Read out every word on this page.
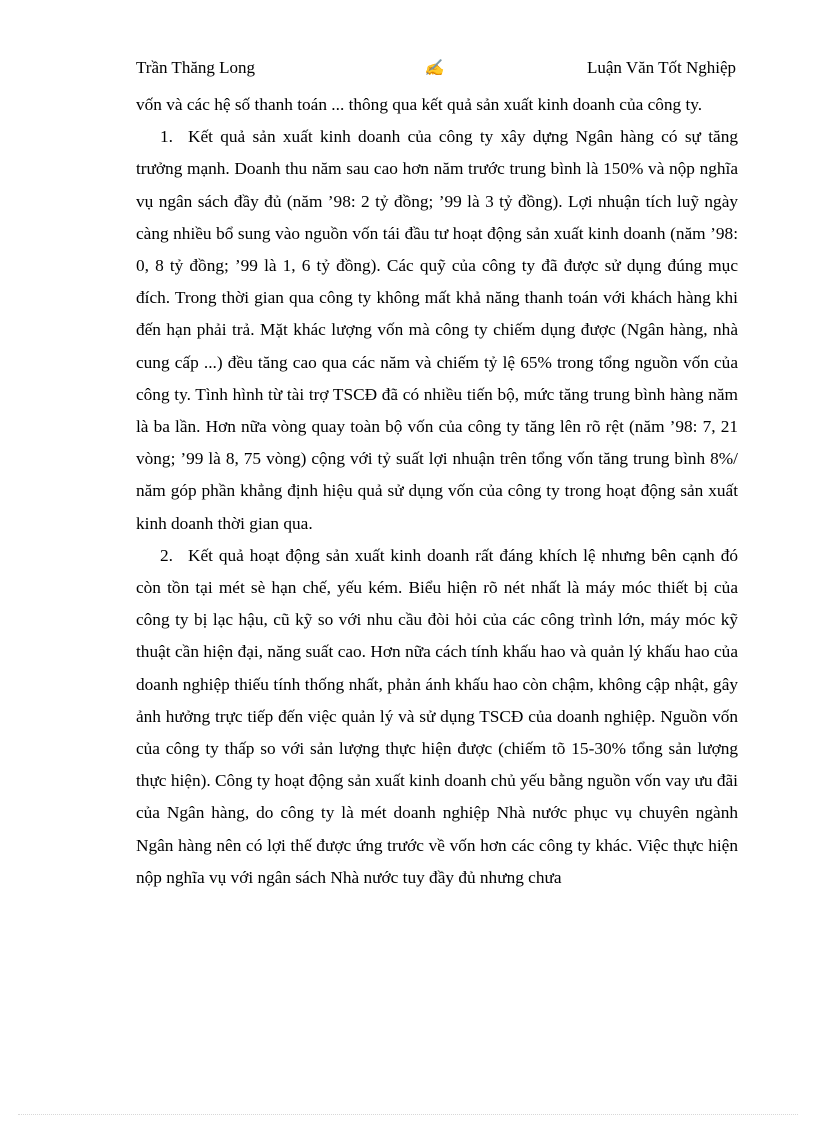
Trần Thăng Long	✍	Luận Văn Tốt Nghiệp

vốn và các hệ số thanh toán ... thông qua kết quả sản xuất kinh doanh của công ty.

1. Kết quả sản xuất kinh doanh của công ty xây dựng Ngân hàng có sự tăng trưởng mạnh. Doanh thu năm sau cao hơn năm trước trung bình là 150% và nộp nghĩa vụ ngân sách đầy đủ (năm ’98: 2 tỷ đồng; ’99 là 3 tỷ đồng). Lợi nhuận tích luỹ ngày càng nhiều bổ sung vào nguồn vốn tái đầu tư hoạt động sản xuất kinh doanh (năm ’98: 0, 8 tỷ đồng; ’99 là 1, 6 tỷ đồng). Các quỹ của công ty đã được sử dụng đúng mục đích. Trong thời gian qua công ty không mất khả năng thanh toán với khách hàng khi đến hạn phải trả. Mặt khác lượng vốn mà công ty chiếm dụng được (Ngân hàng, nhà cung cấp ...) đều tăng cao qua các năm và chiếm tỷ lệ 65% trong tổng nguồn vốn của công ty. Tình hình từ tài trợ TSCĐ đã có nhiều tiến bộ, mức tăng trung bình hàng năm là ba lần. Hơn nữa vòng quay toàn bộ vốn của công ty tăng lên rõ rệt (năm ’98: 7, 21 vòng; ’99 là 8, 75 vòng) cộng với tỷ suất lợi nhuận trên tổng vốn tăng trung bình 8%/ năm góp phần khẳng định hiệu quả sử dụng vốn của công ty trong hoạt động sản xuất kinh doanh thời gian qua.

2. Kết quả hoạt động sản xuất kinh doanh rất đáng khích lệ nhưng bên cạnh đó còn tồn tại mét sè hạn chế, yếu kém. Biểu hiện rõ nét nhất là máy móc thiết bị của công ty bị lạc hậu, cũ kỹ so với nhu cầu đòi hỏi của các công trình lớn, máy móc kỹ thuật cần hiện đại, năng suất cao. Hơn nữa cách tính khấu hao và quản lý khấu hao của doanh nghiệp thiếu tính thống nhất, phản ánh khấu hao còn chậm, không cập nhật, gây ảnh hưởng trực tiếp đến việc quản lý và sử dụng TSCĐ của doanh nghiệp. Nguồn vốn của công ty thấp so với sản lượng thực hiện được (chiếm tõ 15-30% tổng sản lượng thực hiện). Công ty hoạt động sản xuất kinh doanh chủ yếu bằng nguồn vốn vay ưu đãi của Ngân hàng, do công ty là mét doanh nghiệp Nhà nước phục vụ chuyên ngành Ngân hàng nên có lợi thế được ứng trước về vốn hơn các công ty khác. Việc thực hiện nộp nghĩa vụ với ngân sách Nhà nước tuy đầy đủ nhưng chưa
